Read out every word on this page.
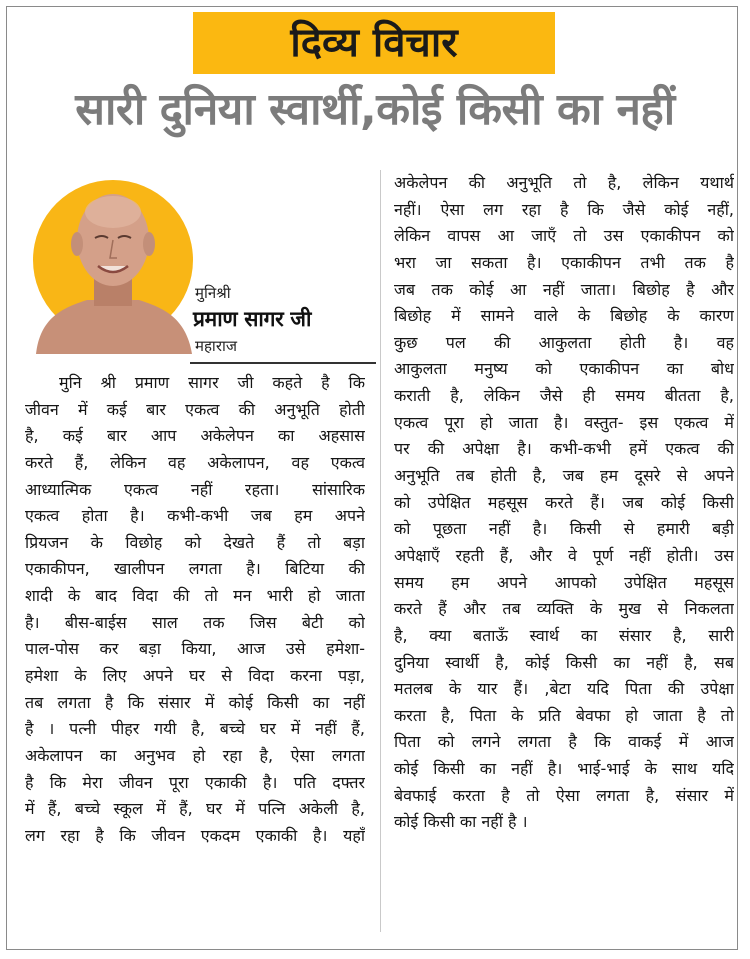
दिव्य विचार
सारी दुनिया स्वार्थी,कोई किसी का नहीं
मुनिश्री
प्रमाण सागर जी
महाराज
मुनि श्री प्रमाण सागर जी कहते है कि
जीवन में कई बार एकत्व की अनुभूति होती
है, कई बार आप अकेलेपन का अहसास
करते हैं, लेकिन वह अकेलापन, वह एकत्व
आध्यात्मिक एकत्व नहीं रहता। सांसारिक
एकत्व होता है। कभी-कभी जब हम अपने
प्रियजन के विछोह को देखते हैं तो बड़ा
एकाकीपन, खालीपन लगता है। बिटिया की
शादी के बाद विदा की तो मन भारी हो जाता
है। बीस-बाईस साल तक जिस बेटी को
पाल-पोस कर बड़ा किया, आज उसे हमेशा-
हमेशा के लिए अपने घर से विदा करना पड़ा,
तब लगता है कि संसार में कोई किसी का नहीं
है । पत्नी पीहर गयी है, बच्चे घर में नहीं हैं,
अकेलापन का अनुभव हो रहा है, ऐसा लगता
है कि मेरा जीवन पूरा एकाकी है। पति दफ्तर
में हैं, बच्चे स्कूल में हैं, घर में पत्नि अकेली है,
लग रहा है कि जीवन एकदम एकाकी है। यहाँ
अकेलेपन की अनुभूति तो है, लेकिन यथार्थ
नहीं। ऐसा लग रहा है कि जैसे कोई नहीं,
लेकिन वापस आ जाएँ तो उस एकाकीपन को
भरा जा सकता है। एकाकीपन तभी तक है
जब तक कोई आ नहीं जाता। बिछोह है और
बिछोह में सामने वाले के बिछोह के कारण
कुछ पल की आकुलता होती है। वह
आकुलता मनुष्य को एकाकीपन का बोध
कराती है, लेकिन जैसे ही समय बीतता है,
एकत्व पूरा हो जाता है। वस्तुत- इस एकत्व में
पर की अपेक्षा है। कभी-कभी हमें एकत्व की
अनुभूति तब होती है, जब हम दूसरे से अपने
को उपेक्षित महसूस करते हैं। जब कोई किसी
को पूछता नहीं है। किसी से हमारी बड़ी
अपेक्षाएँ रहती हैं, और वे पूर्ण नहीं होती। उस
समय हम अपने आपको उपेक्षित महसूस
करते हैं और तब व्यक्ति के मुख से निकलता
है, क्या बताऊँ स्वार्थ का संसार है, सारी
दुनिया स्वार्थी है, कोई किसी का नहीं है, सब
मतलब के यार हैं। ,बेटा यदि पिता की उपेक्षा
करता है, पिता के प्रति बेवफा हो जाता है तो
पिता को लगने लगता है कि वाकई में आज
कोई किसी का नहीं है। भाई-भाई के साथ यदि
बेवफाई करता है तो ऐसा लगता है, संसार में
कोई किसी का नहीं है ।
